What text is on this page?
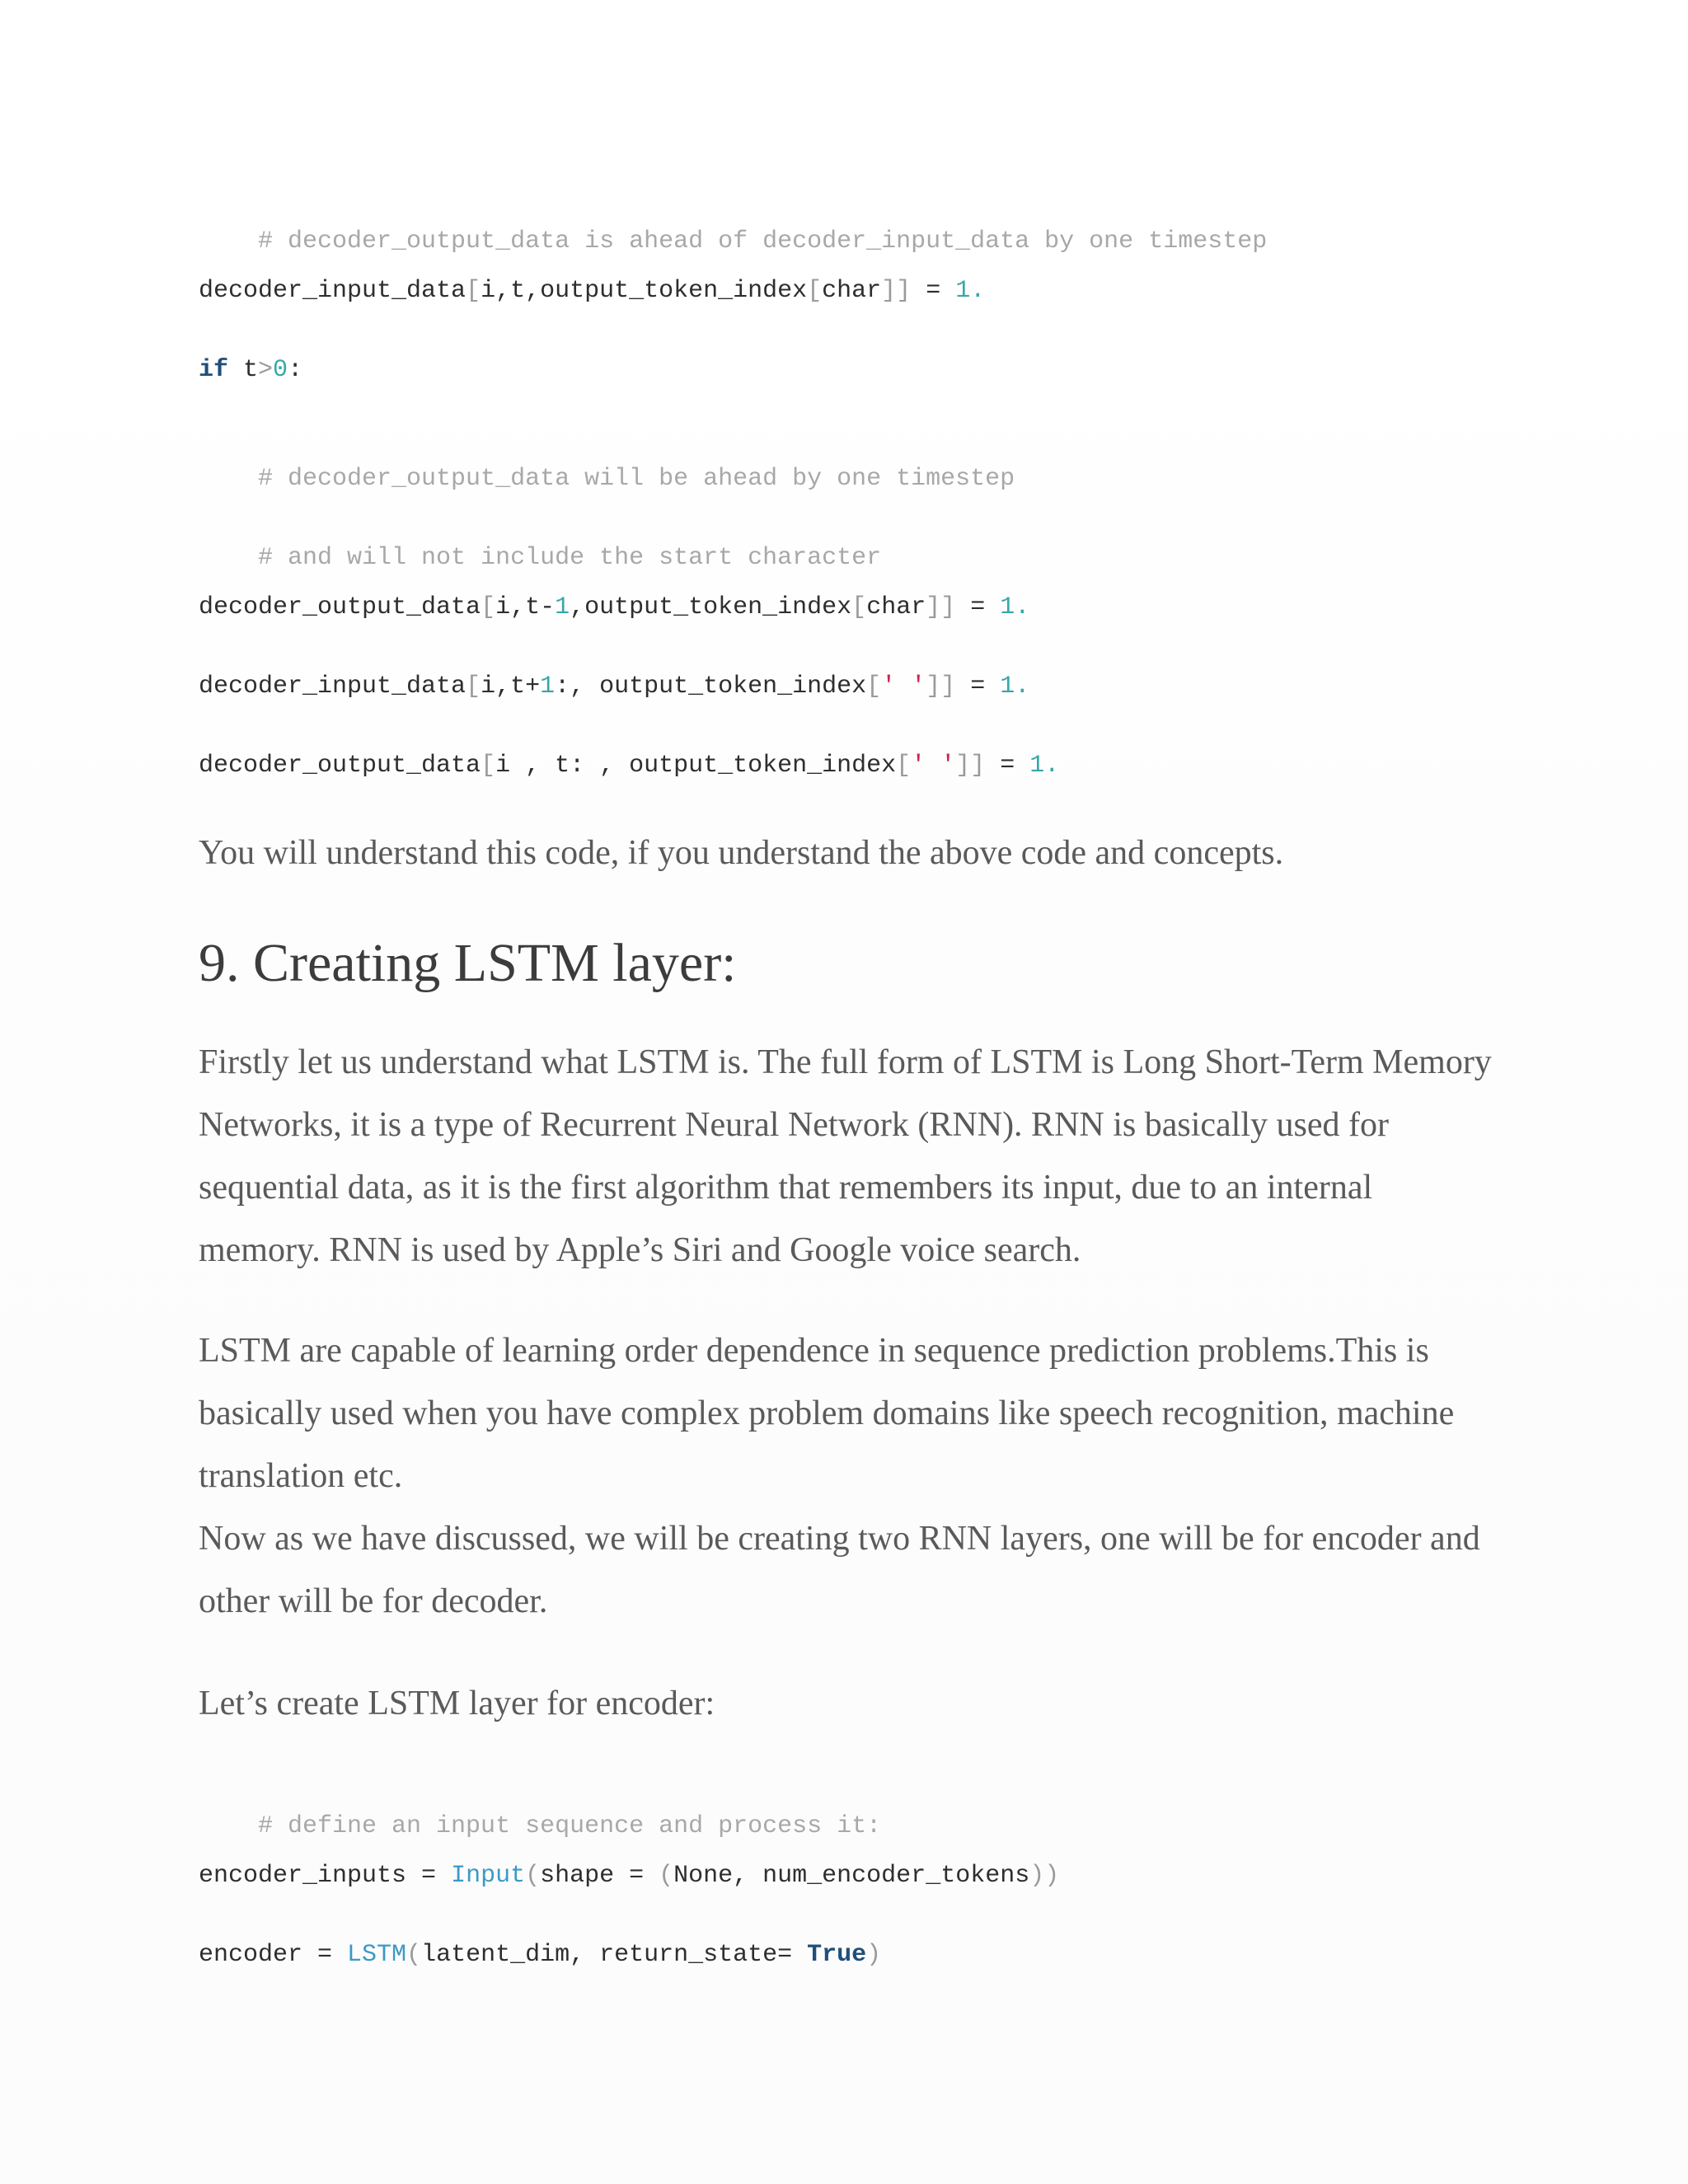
# decoder_output_data is ahead of decoder_input_data by one timestep

decoder_input_data[i,t,output_token_index[char]] = 1.
if t>0:

# decoder_output_data will be ahead by one timestep

# and will not include the start character

decoder_output_data[i,t-1,output_token_index[char]] = 1.
decoder_input_data[i,t+1:, output_token_index[' ']] = 1.
decoder_output_data[i , t: , output_token_index[' ']] = 1.

You will understand this code, if you understand the above code and concepts.

9. Creating LSTM layer:

Firstly let us understand what LSTM is. The full form of LSTM is Long Short-Term Memory Networks, it is a type of Recurrent Neural Network (RNN). RNN is basically used for sequential data, as it is the first algorithm that remembers its input, due to an internal memory. RNN is used by Apple’s Siri and Google voice search.

LSTM are capable of learning order dependence in sequence prediction problems.This is basically used when you have complex problem domains like speech recognition, machine translation etc.

Now as we have discussed, we will be creating two RNN layers, one will be for encoder and other will be for decoder.

Let’s create LSTM layer for encoder:

# define an input sequence and process it:

encoder_inputs = Input(shape = (None, num_encoder_tokens))
encoder = LSTM(latent_dim, return_state= True)
